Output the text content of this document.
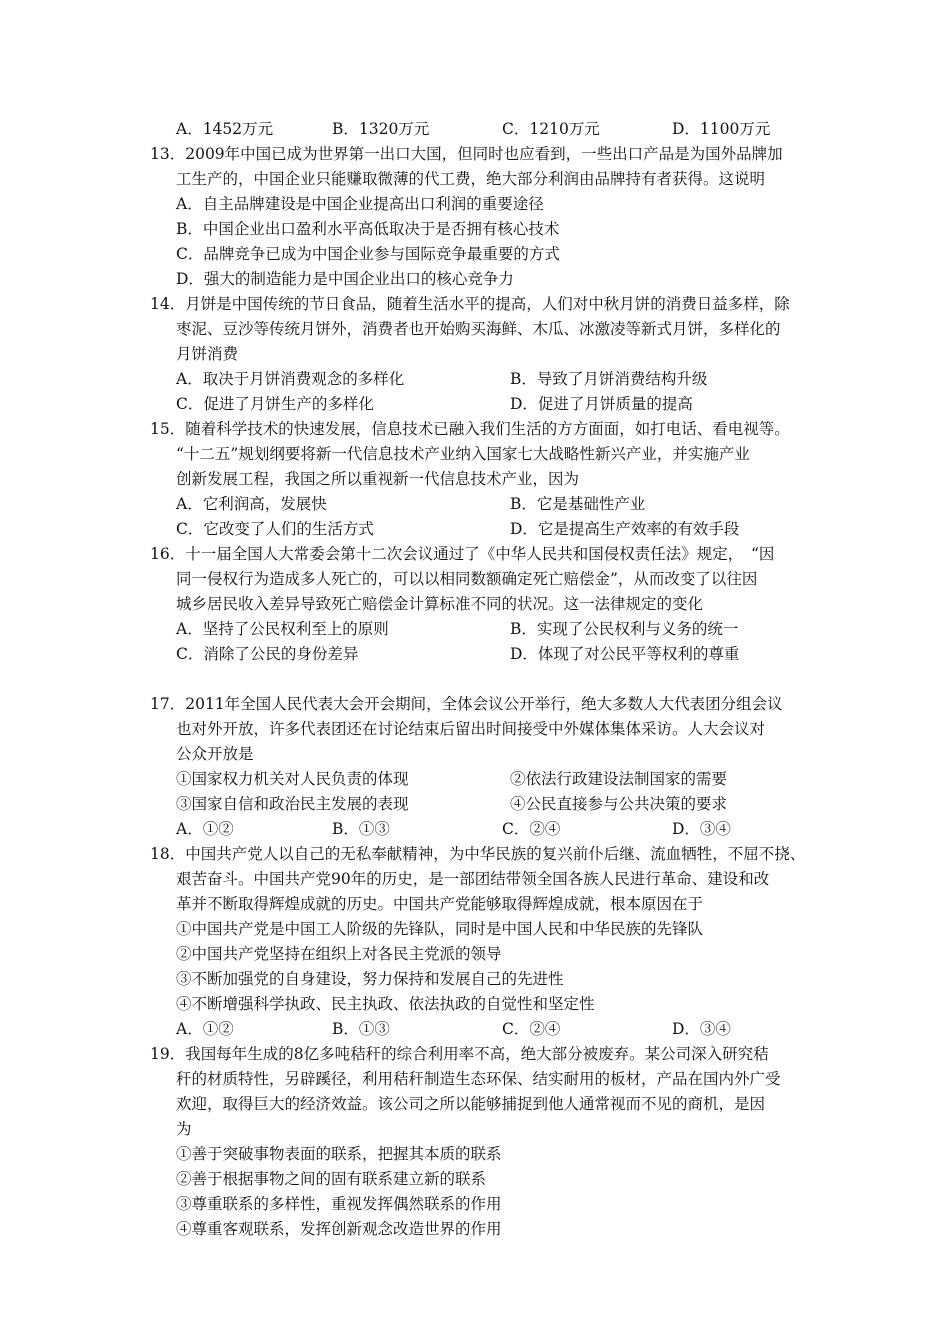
A．1452万元	B．1320万元	C．1210万元	D．1100万元
13．2009年中国已成为世界第一出口大国，但同时也应看到，一些出口产品是为国外品牌加
工生产的，中国企业只能赚取微薄的代工费，绝大部分利润由品牌持有者获得。这说明
A．自主品牌建设是中国企业提高出口利润的重要途径
B．中国企业出口盈利水平高低取决于是否拥有核心技术
C．品牌竞争已成为中国企业参与国际竞争最重要的方式
D．强大的制造能力是中国企业出口的核心竞争力
14．月饼是中国传统的节日食品，随着生活水平的提高，人们对中秋月饼的消费日益多样，除
枣泥、豆沙等传统月饼外，消费者也开始购买海鲜、木瓜、冰激凌等新式月饼，多样化的
月饼消费
A．取决于月饼消费观念的多样化	B．导致了月饼消费结构升级
C．促进了月饼生产的多样化	D．促进了月饼质量的提高
15．随着科学技术的快速发展，信息技术已融入我们生活的方方面面，如打电话、看电视等。
“十二五”规划纲要将新一代信息技术产业纳入国家七大战略性新兴产业，并实施产业
创新发展工程，我国之所以重视新一代信息技术产业，因为
A．它利润高，发展快	B．它是基础性产业
C．它改变了人们的生活方式	D．它是提高生产效率的有效手段
16．十一届全国人大常委会第十二次会议通过了《中华人民共和国侵权责任法》规定，　“因
同一侵权行为造成多人死亡的，可以以相同数额确定死亡赔偿金”，从而改变了以往因
城乡居民收入差异导致死亡赔偿金计算标准不同的状况。这一法律规定的变化
A．坚持了公民权利至上的原则	B．实现了公民权利与义务的统一
C．消除了公民的身份差异	D．体现了对公民平等权利的尊重
17．2011年全国人民代表大会开会期间，全体会议公开举行，绝大多数人大代表团分组会议
也对外开放，许多代表团还在讨论结束后留出时间接受中外媒体集体采访。人大会议对
公众开放是
①国家权力机关对人民负责的体现	②依法行政建设法制国家的需要
③国家自信和政治民主发展的表现	④公民直接参与公共决策的要求
A．①②	B．①③	C．②④	D．③④
18．中国共产党人以自己的无私奉献精神，为中华民族的复兴前仆后继、流血牺牲，不屈不挠、
艰苦奋斗。中国共产党90年的历史，是一部团结带领全国各族人民进行革命、建设和改
革并不断取得辉煌成就的历史。中国共产党能够取得辉煌成就，根本原因在于
①中国共产党是中国工人阶级的先锋队，同时是中国人民和中华民族的先锋队
②中国共产党坚持在组织上对各民主党派的领导
③不断加强党的自身建设，努力保持和发展自己的先进性
④不断增强科学执政、民主执政、依法执政的自觉性和坚定性
A．①②	B．①③	C．②④	D．③④
19．我国每年生成的8亿多吨秸秆的综合利用率不高，绝大部分被废弃。某公司深入研究秸
秆的材质特性，另辟蹊径，利用秸秆制造生态环保、结实耐用的板材，产品在国内外广受
欢迎，取得巨大的经济效益。该公司之所以能够捕捉到他人通常视而不见的商机，是因
为
①善于突破事物表面的联系，把握其本质的联系
②善于根据事物之间的固有联系建立新的联系
③尊重联系的多样性，重视发挥偶然联系的作用
④尊重客观联系，发挥创新观念改造世界的作用
